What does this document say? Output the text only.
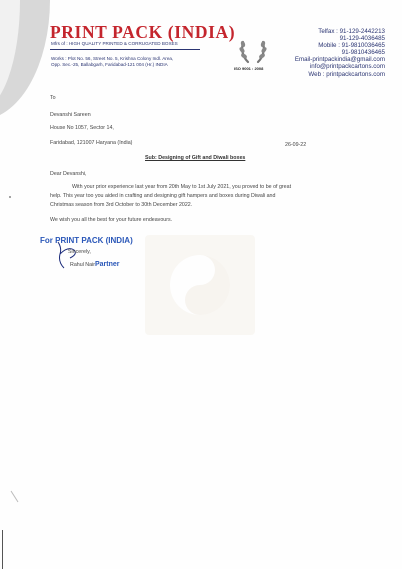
PRINT PACK (INDIA)
Mfrs of : HIGH QUALITY PRINTED & CORRUGATED BOXES
Works : Plot No. 56, Street No. 5, Krishna Colony Indl. Area,
Opp. Sec.-25, Ballabgarh, Faridabad-121 004 (Hr.) INDIA
ISO 9001 : 2008
Telfax : 91-129-2442213
91-129-4036485
Mobile : 91-9810036465
91-9810436465
Email-printpackindia@gmail.com
info@printpackcartons.com
Web : printpackcartons.com
To
Devanshi Sareen
House No 1057, Sector 14,
Faridabad, 121007 Haryana (India)	26-09-22
Sub: Designing of Gift and Diwali boxes
Dear Devanshi,
With your prior experience last year from 20th May to 1st July 2021, you proved to be of great
help. This year too you aided in crafting and designing gift hampers and boxes during Diwali and
Christmas season from 3rd October to 30th December 2022.
We wish you all the best for your future endeavours.
For PRINT PACK (INDIA)
Sincerely,
Rahul Nair Partner
